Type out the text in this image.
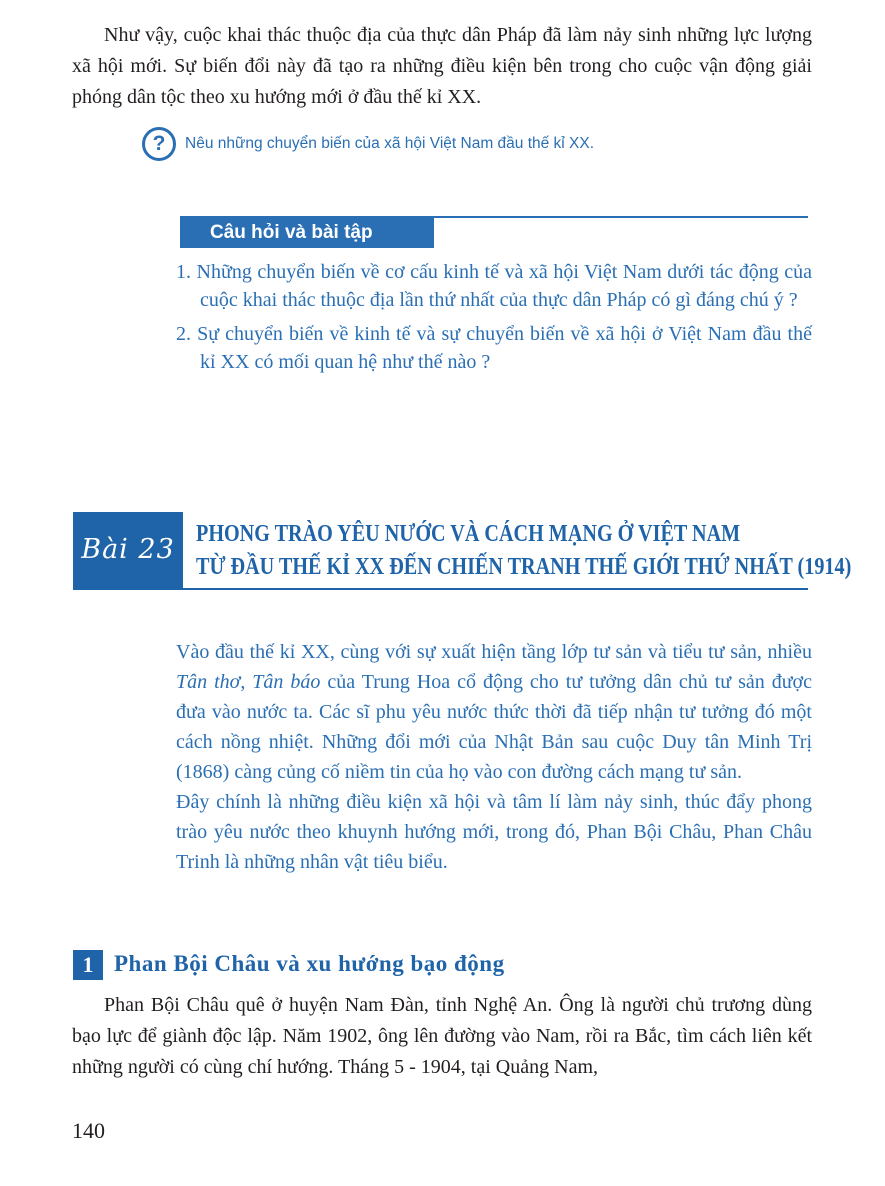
Như vậy, cuộc khai thác thuộc địa của thực dân Pháp đã làm nảy sinh những lực lượng xã hội mới. Sự biến đổi này đã tạo ra những điều kiện bên trong cho cuộc vận động giải phóng dân tộc theo xu hướng mới ở đầu thế kỉ XX.

?	Nêu những chuyển biến của xã hội Việt Nam đầu thế kỉ XX.
Câu hỏi và bài tập
1. Những chuyển biến về cơ cấu kinh tế và xã hội Việt Nam dưới tác động của cuộc khai thác thuộc địa lần thứ nhất của thực dân Pháp có gì đáng chú ý ?
2. Sự chuyển biến về kinh tế và sự chuyển biến về xã hội ở Việt Nam đầu thế kỉ XX có mối quan hệ như thế nào ?
Bài 23 PHONG TRÀO YÊU NƯỚC VÀ CÁCH MẠNG Ở VIỆT NAM
TỪ ĐẦU THẾ KỈ XX ĐẾN CHIẾN TRANH THẾ GIỚI THỨ NHẤT (1914)

Vào đầu thế kỉ XX, cùng với sự xuất hiện tầng lớp tư sản và tiểu tư sản, nhiều Tân thơ, Tân báo của Trung Hoa cổ động cho tư tưởng dân chủ tư sản được đưa vào nước ta. Các sĩ phu yêu nước thức thời đã tiếp nhận tư tưởng đó một cách nồng nhiệt. Những đổi mới của Nhật Bản sau cuộc Duy tân Minh Trị (1868) càng củng cố niềm tin của họ vào con đường cách mạng tư sản.

Đây chính là những điều kiện xã hội và tâm lí làm nảy sinh, thúc đẩy phong trào yêu nước theo khuynh hướng mới, trong đó, Phan Bội Châu, Phan Châu Trinh là những nhân vật tiêu biểu.

1 Phan Bội Châu và xu hướng bạo động

Phan Bội Châu quê ở huyện Nam Đàn, tỉnh Nghệ An. Ông là người chủ trương dùng bạo lực để giành độc lập. Năm 1902, ông lên đường vào Nam, rồi ra Bắc, tìm cách liên kết những người có cùng chí hướng. Tháng 5 - 1904, tại Quảng Nam,

140
